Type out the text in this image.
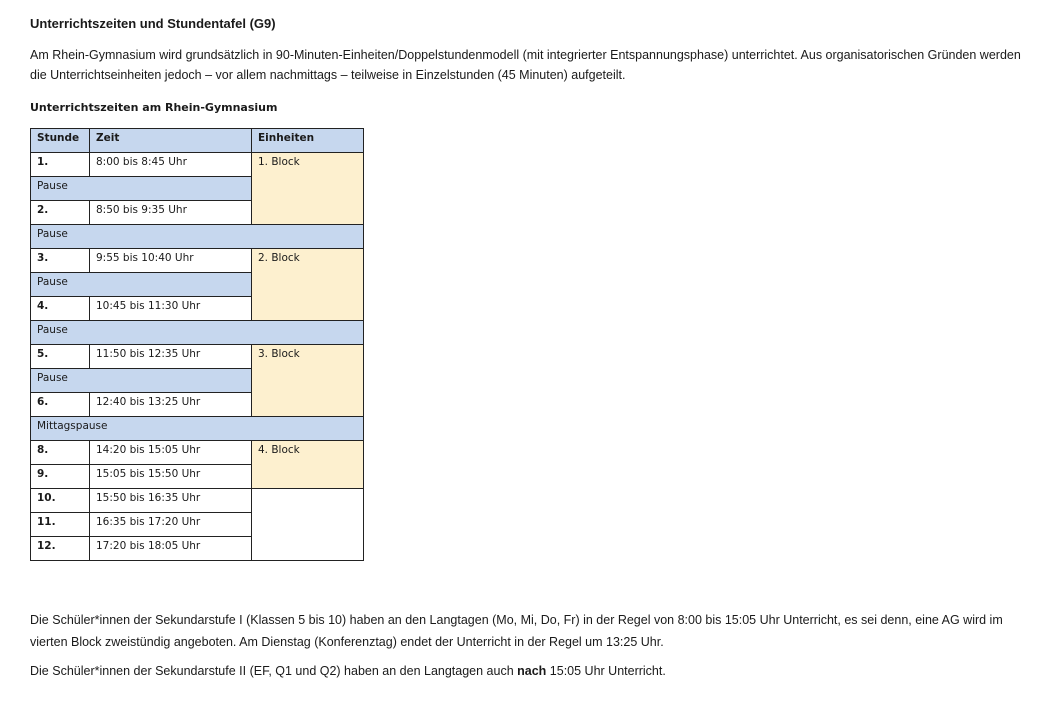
Unterrichtszeiten und Stundentafel (G9)

Am Rhein-Gymnasium wird grundsätzlich in 90-Minuten-Einheiten/Doppelstundenmodell (mit integrierter Entspannungsphase) unterrichtet. Aus organisatorischen Gründen werden die Unterrichtseinheiten jedoch – vor allem nachmittags – teilweise in Einzelstunden (45 Minuten) aufgeteilt.

Unterrichtszeiten am Rhein-Gymnasium

Stunde	Zeit	Einheiten
1.	8:00 bis 8:45 Uhr	1. Block
Pause		
2.	8:50 bis 9:35 Uhr	
Pause		
3.	9:55 bis 10:40 Uhr	2. Block
Pause		
4.	10:45 bis 11:30 Uhr	
Pause		
5.	11:50 bis 12:35 Uhr	3. Block
Pause		
6.	12:40 bis 13:25 Uhr	
Mittagspause		
8.	14:20 bis 15:05 Uhr	4. Block
9.	15:05 bis 15:50 Uhr	
10.	15:50 bis 16:35 Uhr	
11.	16:35 bis 17:20 Uhr	
12.	17:20 bis 18:05 Uhr	

Die Schüler*innen der Sekundarstufe I (Klassen 5 bis 10) haben an den Langtagen (Mo, Mi, Do, Fr) in der Regel von 8:00 bis 15:05 Uhr Unterricht, es sei denn, eine AG wird im vierten Block zweistündig angeboten. Am Dienstag (Konferenztag) endet der Unterricht in der Regel um 13:25 Uhr.

Die Schüler*innen der Sekundarstufe II (EF, Q1 und Q2) haben an den Langtagen auch nach 15:05 Uhr Unterricht.
